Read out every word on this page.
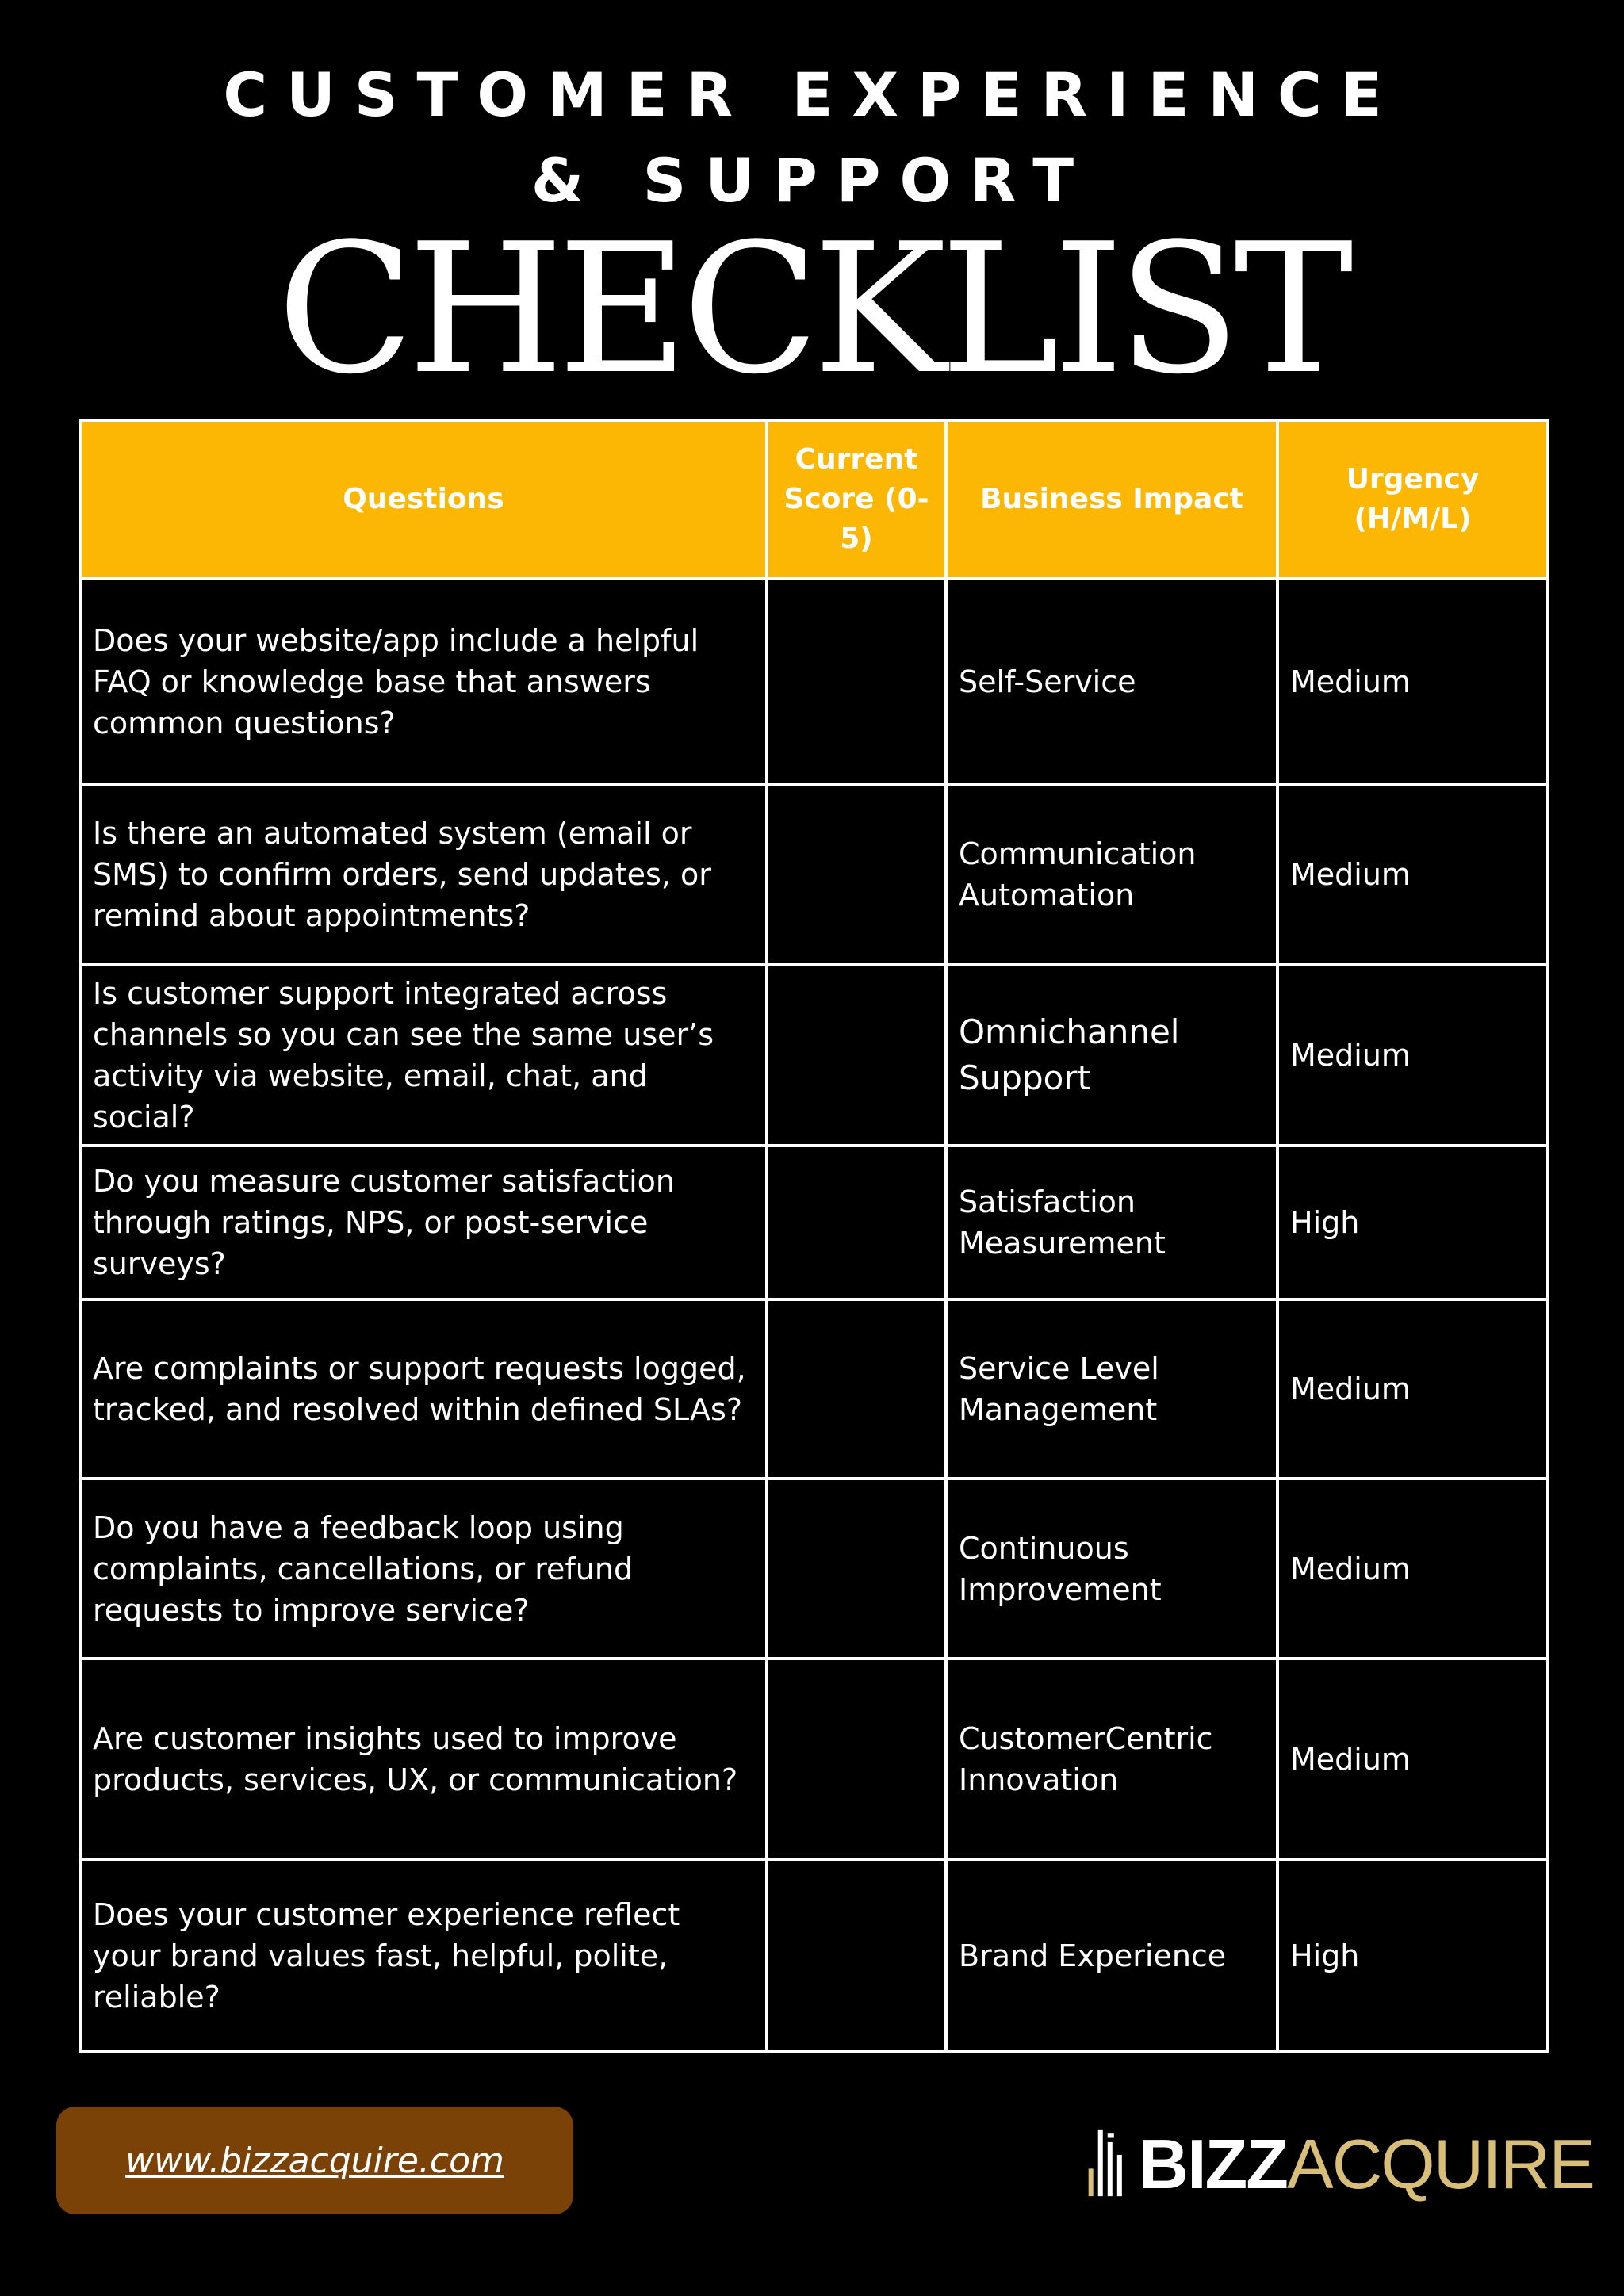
CUSTOMER EXPERIENCE
& SUPPORT
CHECKLIST
Questions	Current Score (0-5)	Business Impact	Urgency (H/M/L)
Does your website/app include a helpful FAQ or knowledge base that answers common questions?		Self-Service	Medium
Is there an automated system (email or SMS) to confirm orders, send updates, or remind about appointments?		Communication Automation	Medium
Is customer support integrated across channels so you can see the same user’s activity via website, email, chat, and social?		Omnichannel Support	Medium
Do you measure customer satisfaction through ratings, NPS, or post-service surveys?		Satisfaction Measurement	High
Are complaints or support requests logged, tracked, and resolved within defined SLAs?		Service Level Management	Medium
Do you have a feedback loop using complaints, cancellations, or refund requests to improve service?		Continuous Improvement	Medium
Are customer insights used to improve products, services, UX, or communication?		CustomerCentric Innovation	Medium
Does your customer experience reflect your brand values fast, helpful, polite, reliable?		Brand Experience	High
www.bizzacquire.com	BIZZACQUIRE
